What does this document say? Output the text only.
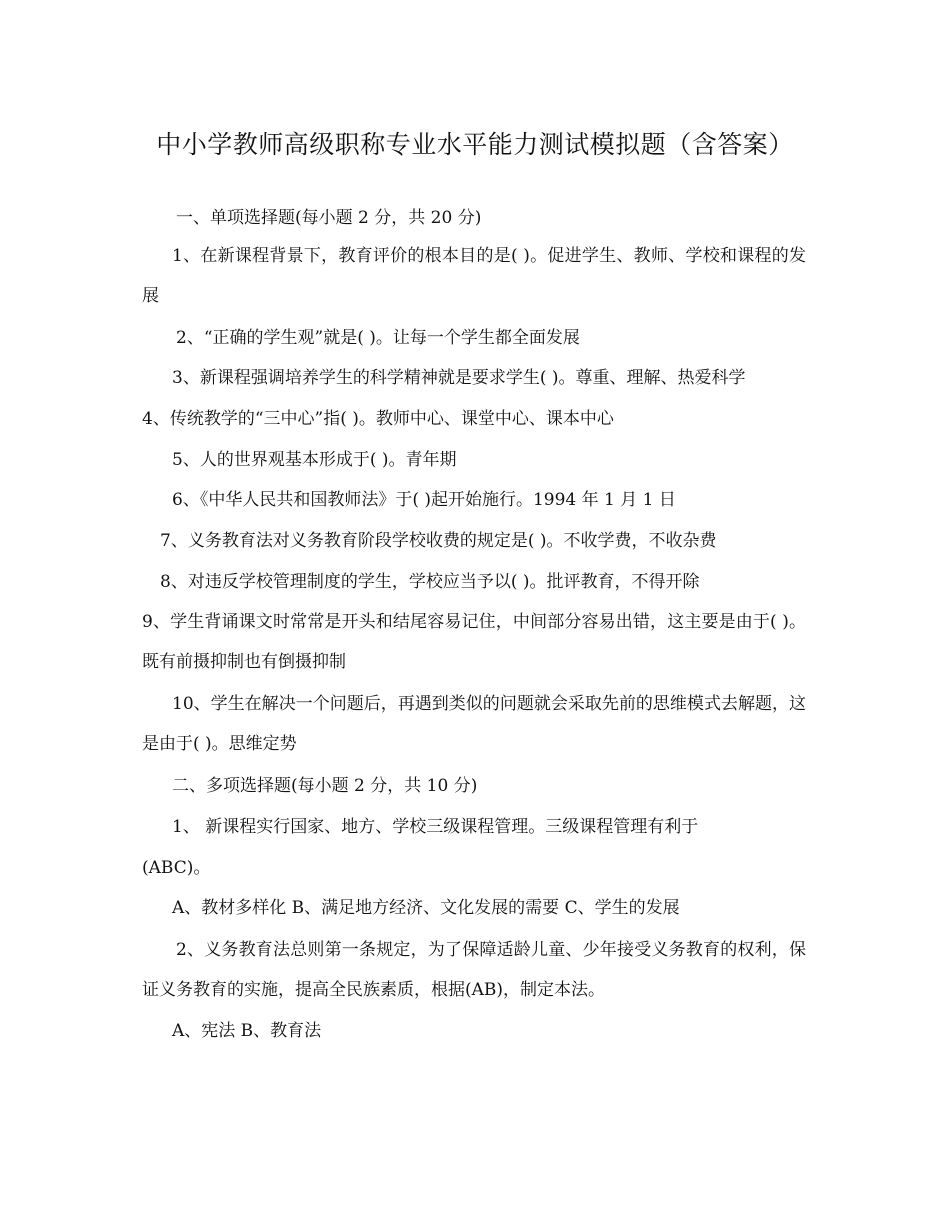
中小学教师高级职称专业水平能力测试模拟题（含答案）
一、单项选择题(每小题 2 分，共 20 分)

1、在新课程背景下，教育评价的根本目的是( )。促进学生、教师、学校和课程的发展

2、“正确的学生观”就是( )。让每一个学生都全面发展
3、新课程强调培养学生的科学精神就是要求学生( )。尊重、理解、热爱科学
4、传统教学的“三中心”指( )。教师中心、课堂中心、课本中心
5、人的世界观基本形成于( )。青年期
6、《中华人民共和国教师法》于( )起开始施行。1994 年 1 月 1 日
7、义务教育法对义务教育阶段学校收费的规定是( )。不收学费，不收杂费
8、对违反学校管理制度的学生，学校应当予以( )。批评教育，不得开除

9、学生背诵课文时常常是开头和结尾容易记住，中间部分容易出错，这主要是由于( )。既有前摄抑制也有倒摄抑制

10、学生在解决一个问题后，再遇到类似的问题就会采取先前的思维模式去解题，这是由于( )。思维定势

二、多项选择题(每小题 2 分，共 10 分)
1、 新课程实行国家、地方、学校三级课程管理。三级课程管理有利于
(ABC)。
A、教材多样化 B、满足地方经济、文化发展的需要 C、学生的发展

2、义务教育法总则第一条规定，为了保障适龄儿童、少年接受义务教育的权利，保证义务教育的实施，提高全民族素质，根据(AB)，制定本法。

A、宪法 B、教育法
